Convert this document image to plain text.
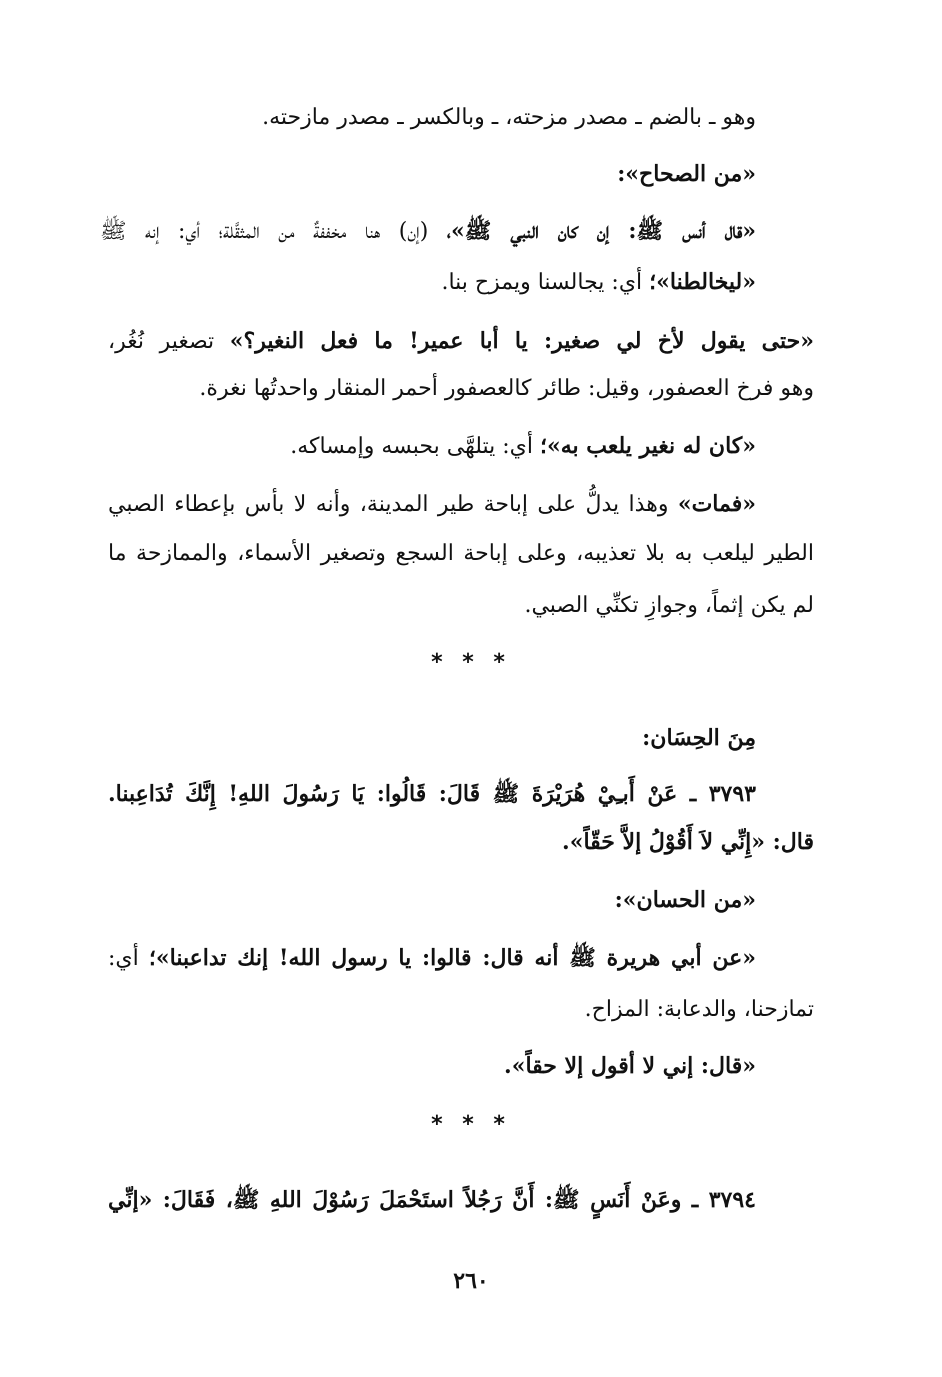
وهو ـ بالضم ـ مصدر مزحته، ـ وبالكسر ـ مصدر مازحته.
«من الصحاح»:
«قال أنس ﷺ: إن كان النبي ﷺ»، (إن) هنا مخففةٌ من المثقَّلة؛ أي: إنه ﷺ
«ليخالطنا»؛ أي: يجالسنا ويمزح بنا.
«حتى يقول لأخ لي صغير: يا أبا عمير! ما فعل النغير؟» تصغير نُغُر،
وهو فرخ العصفور، وقيل: طائر كالعصفور أحمر المنقار واحدتُها نغرة.
«كان له نغير يلعب به»؛ أي: يتلهَّى بحبسه وإمساكه.
«فمات» وهذا يدلُّ على إباحة طير المدينة، وأنه لا بأس بإعطاء الصبي
الطير ليلعب به بلا تعذيبه، وعلى إباحة السجع وتصغير الأسماء، والممازحة ما
لم يكن إثماً، وجوازِ تكنِّي الصبي.
* * *
مِنَ الحِسَان:
٣٧٩٣ ـ عَنْ أَبـِيْ هُرَيْرَةَ ﷺ قَالَ: قَالُوا: يَا رَسُولَ اللهِ! إِنَّكَ تُدَاعِبنا.
قال: «إِنِّي لاَ أَقُوْلُ إلاَّ حَقّاً».
«من الحسان»:
«عن أبي هريرة ﷺ أنه قال: قالوا: يا رسول الله! إنك تداعبنا»؛ أي:
تمازحنا، والدعابة: المزاح.
«قال: إني لا أقول إلا حقاً».
* * *
٣٧٩٤ ـ وعَنْ أَنَسٍ ﷺ: أَنَّ رَجُلاً استَحْمَلَ رَسُوْلَ اللهِ ﷺ، فَقَالَ: «إنِّي
٢٦٠
